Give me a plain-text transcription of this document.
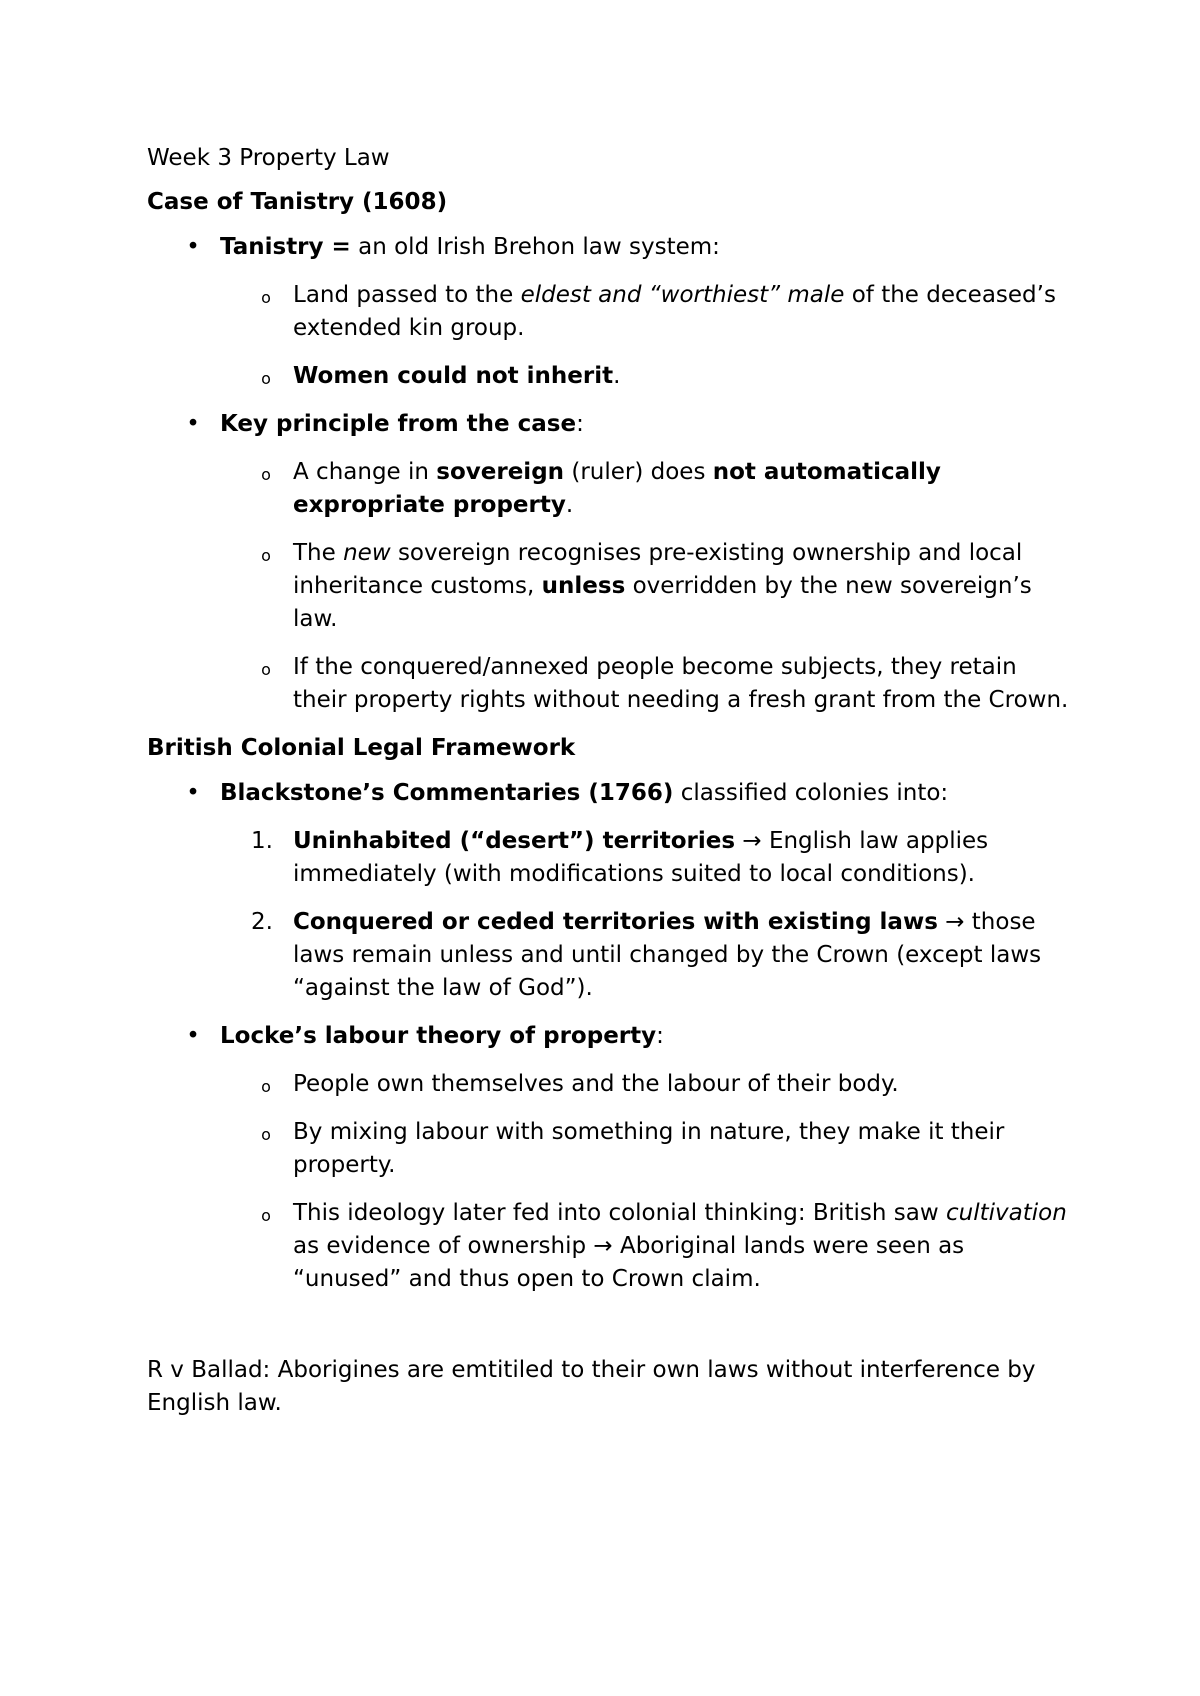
Week 3 Property Law

Case of Tanistry (1608)

• Tanistry = an old Irish Brehon law system:
o Land passed to the eldest and “worthiest” male of the deceased’s extended kin group.
o Women could not inherit.
• Key principle from the case:
o A change in sovereign (ruler) does not automatically expropriate property.
o The new sovereign recognises pre-existing ownership and local inheritance customs, unless overridden by the new sovereign’s law.
o If the conquered/annexed people become subjects, they retain their property rights without needing a fresh grant from the Crown.

British Colonial Legal Framework

• Blackstone’s Commentaries (1766) classified colonies into:
1. Uninhabited (“desert”) territories → English law applies immediately (with modifications suited to local conditions).
2. Conquered or ceded territories with existing laws → those laws remain unless and until changed by the Crown (except laws “against the law of God”).
• Locke’s labour theory of property:
o People own themselves and the labour of their body.
o By mixing labour with something in nature, they make it their property.
o This ideology later fed into colonial thinking: British saw cultivation as evidence of ownership → Aboriginal lands were seen as “unused” and thus open to Crown claim.

R v Ballad: Aborigines are emtitiled to their own laws without interference by English law.
